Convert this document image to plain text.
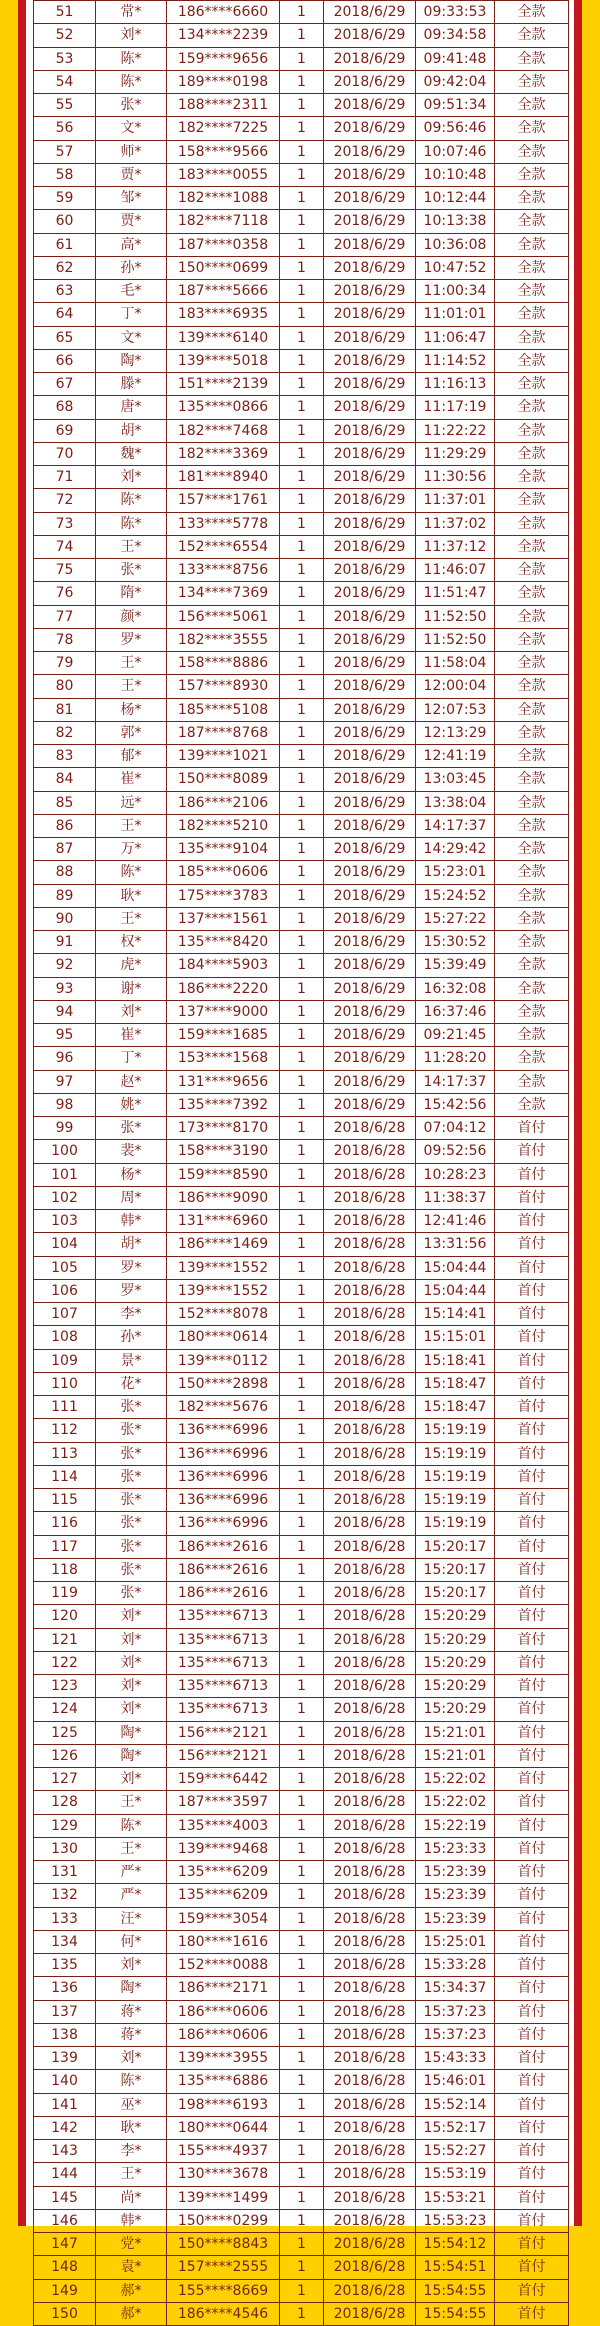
51	常*	186****6660	1	2018/6/29	09:33:53	全款
52	刘*	134****2239	1	2018/6/29	09:34:58	全款
53	陈*	159****9656	1	2018/6/29	09:41:48	全款
54	陈*	189****0198	1	2018/6/29	09:42:04	全款
55	张*	188****2311	1	2018/6/29	09:51:34	全款
56	文*	182****7225	1	2018/6/29	09:56:46	全款
57	师*	158****9566	1	2018/6/29	10:07:46	全款
58	贾*	183****0055	1	2018/6/29	10:10:48	全款
59	邹*	182****1088	1	2018/6/29	10:12:44	全款
60	贾*	182****7118	1	2018/6/29	10:13:38	全款
61	高*	187****0358	1	2018/6/29	10:36:08	全款
62	孙*	150****0699	1	2018/6/29	10:47:52	全款
63	毛*	187****5666	1	2018/6/29	11:00:34	全款
64	丁*	183****6935	1	2018/6/29	11:01:01	全款
65	文*	139****6140	1	2018/6/29	11:06:47	全款
66	陶*	139****5018	1	2018/6/29	11:14:52	全款
67	滕*	151****2139	1	2018/6/29	11:16:13	全款
68	唐*	135****0866	1	2018/6/29	11:17:19	全款
69	胡*	182****7468	1	2018/6/29	11:22:22	全款
70	魏*	182****3369	1	2018/6/29	11:29:29	全款
71	刘*	181****8940	1	2018/6/29	11:30:56	全款
72	陈*	157****1761	1	2018/6/29	11:37:01	全款
73	陈*	133****5778	1	2018/6/29	11:37:02	全款
74	王*	152****6554	1	2018/6/29	11:37:12	全款
75	张*	133****8756	1	2018/6/29	11:46:07	全款
76	隋*	134****7369	1	2018/6/29	11:51:47	全款
77	颜*	156****5061	1	2018/6/29	11:52:50	全款
78	罗*	182****3555	1	2018/6/29	11:52:50	全款
79	王*	158****8886	1	2018/6/29	11:58:04	全款
80	王*	157****8930	1	2018/6/29	12:00:04	全款
81	杨*	185****5108	1	2018/6/29	12:07:53	全款
82	郭*	187****8768	1	2018/6/29	12:13:29	全款
83	郁*	139****1021	1	2018/6/29	12:41:19	全款
84	崔*	150****8089	1	2018/6/29	13:03:45	全款
85	远*	186****2106	1	2018/6/29	13:38:04	全款
86	王*	182****5210	1	2018/6/29	14:17:37	全款
87	万*	135****9104	1	2018/6/29	14:29:42	全款
88	陈*	185****0606	1	2018/6/29	15:23:01	全款
89	耿*	175****3783	1	2018/6/29	15:24:52	全款
90	王*	137****1561	1	2018/6/29	15:27:22	全款
91	权*	135****8420	1	2018/6/29	15:30:52	全款
92	虎*	184****5903	1	2018/6/29	15:39:49	全款
93	谢*	186****2220	1	2018/6/29	16:32:08	全款
94	刘*	137****9000	1	2018/6/29	16:37:46	全款
95	崔*	159****1685	1	2018/6/29	09:21:45	全款
96	丁*	153****1568	1	2018/6/29	11:28:20	全款
97	赵*	131****9656	1	2018/6/29	14:17:37	全款
98	姚*	135****7392	1	2018/6/29	15:42:56	全款
99	张*	173****8170	1	2018/6/28	07:04:12	首付
100	裴*	158****3190	1	2018/6/28	09:52:56	首付
101	杨*	159****8590	1	2018/6/28	10:28:23	首付
102	周*	186****9090	1	2018/6/28	11:38:37	首付
103	韩*	131****6960	1	2018/6/28	12:41:46	首付
104	胡*	186****1469	1	2018/6/28	13:31:56	首付
105	罗*	139****1552	1	2018/6/28	15:04:44	首付
106	罗*	139****1552	1	2018/6/28	15:04:44	首付
107	李*	152****8078	1	2018/6/28	15:14:41	首付
108	孙*	180****0614	1	2018/6/28	15:15:01	首付
109	景*	139****0112	1	2018/6/28	15:18:41	首付
110	花*	150****2898	1	2018/6/28	15:18:47	首付
111	张*	182****5676	1	2018/6/28	15:18:47	首付
112	张*	136****6996	1	2018/6/28	15:19:19	首付
113	张*	136****6996	1	2018/6/28	15:19:19	首付
114	张*	136****6996	1	2018/6/28	15:19:19	首付
115	张*	136****6996	1	2018/6/28	15:19:19	首付
116	张*	136****6996	1	2018/6/28	15:19:19	首付
117	张*	186****2616	1	2018/6/28	15:20:17	首付
118	张*	186****2616	1	2018/6/28	15:20:17	首付
119	张*	186****2616	1	2018/6/28	15:20:17	首付
120	刘*	135****6713	1	2018/6/28	15:20:29	首付
121	刘*	135****6713	1	2018/6/28	15:20:29	首付
122	刘*	135****6713	1	2018/6/28	15:20:29	首付
123	刘*	135****6713	1	2018/6/28	15:20:29	首付
124	刘*	135****6713	1	2018/6/28	15:20:29	首付
125	陶*	156****2121	1	2018/6/28	15:21:01	首付
126	陶*	156****2121	1	2018/6/28	15:21:01	首付
127	刘*	159****6442	1	2018/6/28	15:22:02	首付
128	王*	187****3597	1	2018/6/28	15:22:02	首付
129	陈*	135****4003	1	2018/6/28	15:22:19	首付
130	王*	139****9468	1	2018/6/28	15:23:33	首付
131	严*	135****6209	1	2018/6/28	15:23:39	首付
132	严*	135****6209	1	2018/6/28	15:23:39	首付
133	汪*	159****3054	1	2018/6/28	15:23:39	首付
134	何*	180****1616	1	2018/6/28	15:25:01	首付
135	刘*	152****0088	1	2018/6/28	15:33:28	首付
136	陶*	186****2171	1	2018/6/28	15:34:37	首付
137	蒋*	186****0606	1	2018/6/28	15:37:23	首付
138	蒋*	186****0606	1	2018/6/28	15:37:23	首付
139	刘*	139****3955	1	2018/6/28	15:43:33	首付
140	陈*	135****6886	1	2018/6/28	15:46:01	首付
141	巫*	198****6193	1	2018/6/28	15:52:14	首付
142	耿*	180****0644	1	2018/6/28	15:52:17	首付
143	李*	155****4937	1	2018/6/28	15:52:27	首付
144	王*	130****3678	1	2018/6/28	15:53:19	首付
145	尚*	139****1499	1	2018/6/28	15:53:21	首付
146	韩*	150****0299	1	2018/6/28	15:53:23	首付
147	党*	150****8843	1	2018/6/28	15:54:12	首付
148	袁*	157****2555	1	2018/6/28	15:54:51	首付
149	郝*	155****8669	1	2018/6/28	15:54:55	首付
150	郝*	186****4546	1	2018/6/28	15:54:55	首付
